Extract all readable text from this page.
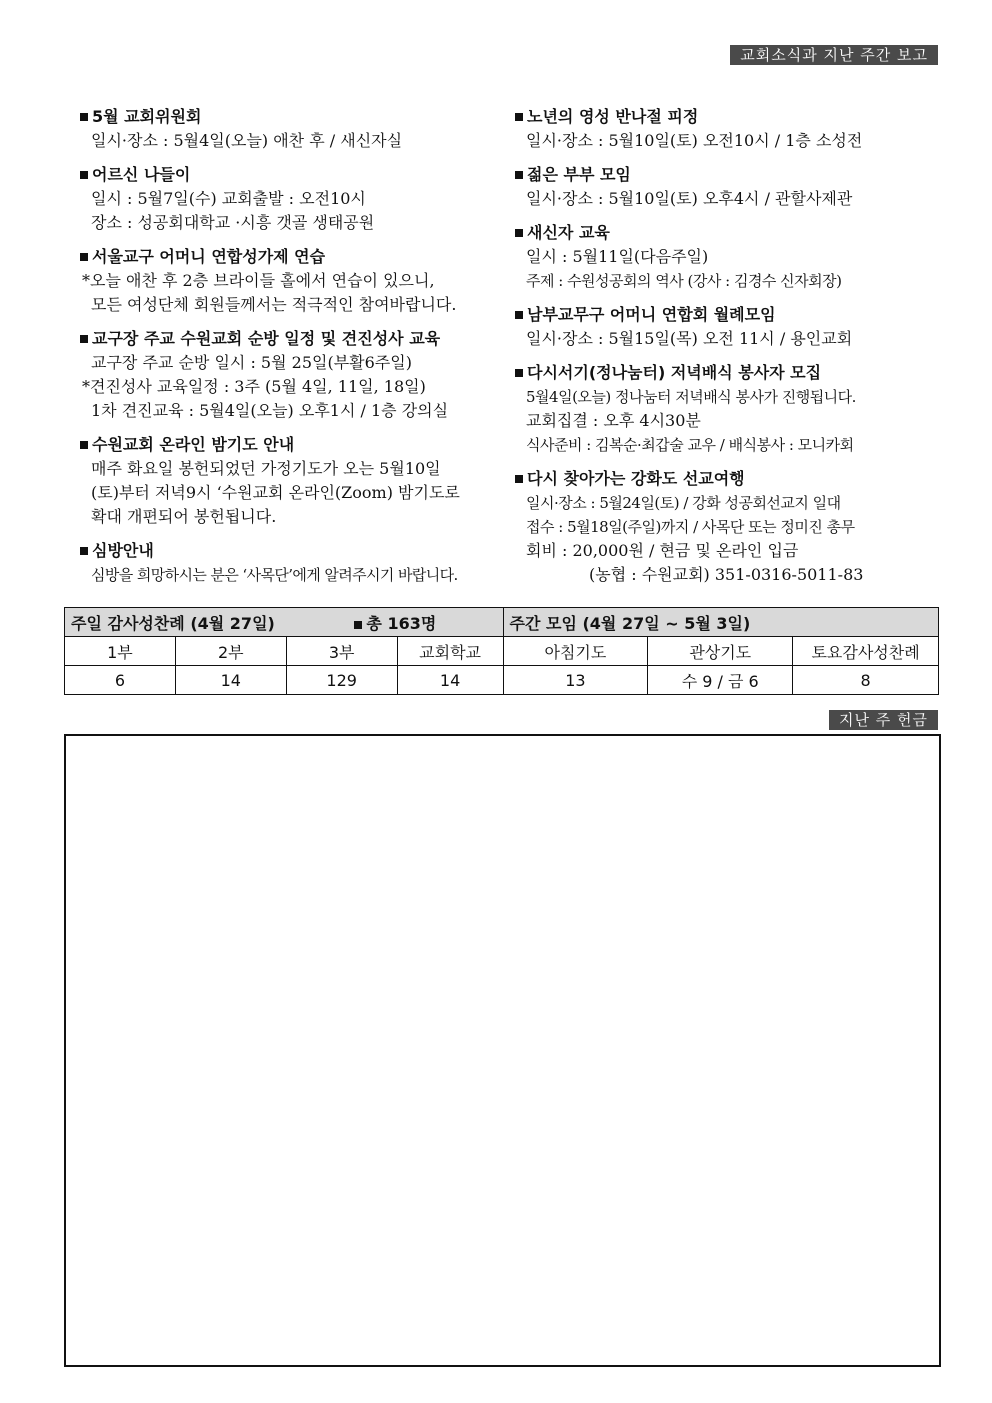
교회소식과 지난 주간 보고
5월 교회위원회
일시·장소 : 5월4일(오늘) 애찬 후 / 새신자실
어르신 나들이
일시 : 5월7일(수) 교회출발 : 오전10시
장소 : 성공회대학교 ·시흥 갯골 생태공원
서울교구 어머니 연합성가제 연습
*오늘 애찬 후 2층 브라이들 홀에서 연습이 있으니,
모든 여성단체 회원들께서는 적극적인 참여바랍니다.
교구장 주교 수원교회 순방 일정 및 견진성사 교육
교구장 주교 순방 일시 : 5월 25일(부활6주일)
*견진성사 교육일정 : 3주 (5월 4일, 11일, 18일)
1차 견진교육 : 5월4일(오늘) 오후1시 / 1층 강의실
수원교회 온라인 밤기도 안내
매주 화요일 봉헌되었던 가정기도가 오는 5월10일
(토)부터 저녁9시 ‘수원교회 온라인(Zoom) 밤기도로
확대 개편되어 봉헌됩니다.
심방안내
심방을 희망하시는 분은 ‘사목단’에게 알려주시기 바랍니다.
노년의 영성 반나절 피정
일시·장소 : 5월10일(토) 오전10시 / 1층 소성전
젊은 부부 모임
일시·장소 : 5월10일(토) 오후4시 / 관할사제관
새신자 교육
일시 : 5월11일(다음주일)
주제 : 수원성공회의 역사 (강사 : 김경수 신자회장)
남부교무구 어머니 연합회 월례모임
일시·장소 : 5월15일(목) 오전 11시 / 용인교회
다시서기(정나눔터) 저녁배식 봉사자 모집
5월4일(오늘) 정나눔터 저녁배식 봉사가 진행됩니다.
교회집결 : 오후 4시30분
식사준비 : 김복순·최갑술 교우 / 배식봉사 : 모니카회
다시 찾아가는 강화도 선교여행
일시·장소 : 5월24일(토) / 강화 성공회선교지 일대
접수 : 5월18일(주일)까지 / 사목단 또는 정미진 총무
회비 : 20,000원 / 현금 및 온라인 입금
(농협 : 수원교회) 351-0316-5011-83
주일 감사성찬례 (4월 27일) 총 163명				주간 모임 (4월 27일 ~ 5월 3일)		
1부	2부	3부	교회학교	아침기도	관상기도	토요감사성찬례
6	14	129	14	13	수 9 / 금 6	8
지난 주 헌금
